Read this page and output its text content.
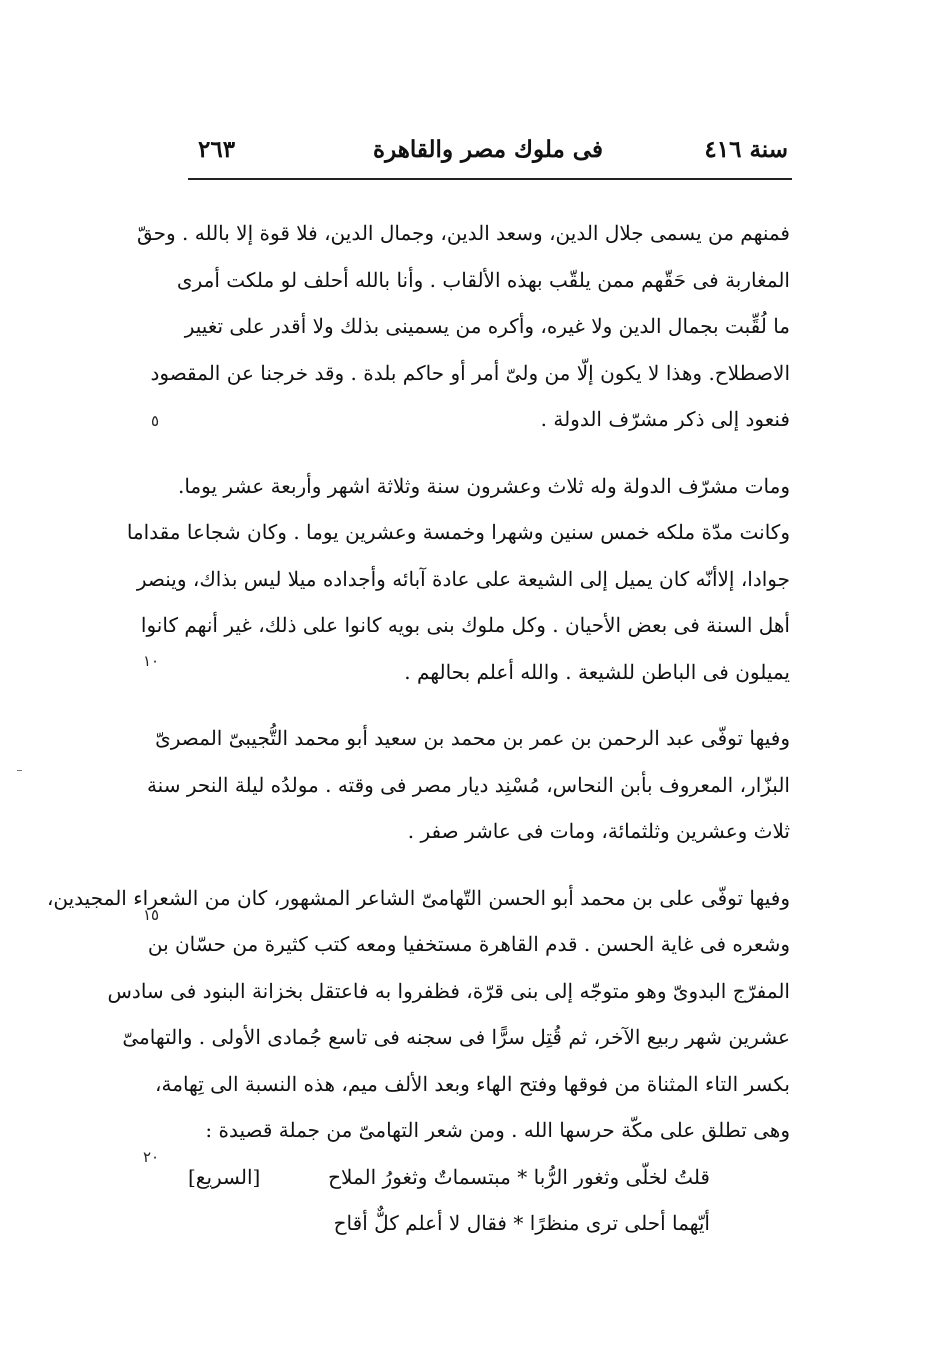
سنة ٤١٦
فى ملوك مصر والقاهرة
٢٦٣
٥
١٠
١٥
٢٠
فمنهم من يسمى جلال الدين، وسعد الدين، وجمال الدين، فلا قوة إلا بالله . وحقّ
المغاربة فى حَقّهم ممن يلقّب بهذه الألقاب . وأنا بالله أحلف لو ملكت أمرى
ما لُقِّبت بجمال الدين ولا غيره، وأكره من يسمينى بذلك ولا أقدر على تغيير
الاصطلاح. وهذا لا يكون إلّا من ولىّ أمر أو حاكم بلدة . وقد خرجنا عن المقصود
فنعود إلى ذكر مشرّف الدولة .
ومات مشرّف الدولة وله ثلاث وعشرون سنة وثلاثة اشهر وأربعة عشر يوما.
وكانت مدّة ملكه خمس سنين وشهرا وخمسة وعشرين يوما . وكان شجاعا مقداما
جوادا، إلاأنّه كان يميل إلى الشيعة على عادة آبائه وأجداده ميلا ليس بذاك، وينصر
أهل السنة فى بعض الأحيان . وكل ملوك بنى بويه كانوا على ذلك، غير أنهم كانوا
يميلون فى الباطن للشيعة . والله أعلم بحالهم .
وفيها توفّى عبد الرحمن بن عمر بن محمد بن سعيد أبو محمد التُّجيبىّ المصرىّ
البزّار، المعروف بأبن النحاس، مُسْنِد ديار مصر فى وقته . مولدُه ليلة النحر سنة
ثلاث وعشرين وثلثمائة، ومات فى عاشر صفر .
وفيها توفّى على بن محمد أبو الحسن التّهامىّ الشاعر المشهور، كان من الشعراء المجيدين،
وشعره فى غاية الحسن . قدم القاهرة مستخفيا ومعه كتب كثيرة من حسّان بن
المفرّج البدوىّ وهو متوجّه إلى بنى قرّة، فظفروا به فاعتقل بخزانة البنود فى سادس
عشرين شهر ربيع الآخر، ثم قُتِل سرًّا فى سجنه فى تاسع جُمادى الأولى . والتهامىّ
بكسر التاء المثناة من فوقها وفتح الهاء وبعد الألف ميم، هذه النسبة الى تِهامة،
وهى تطلق على مكّة حرسها الله . ومن شعر التهامىّ من جملة قصيدة :
[السريع]	قلتُ لخلّى وثغور الرُّبا * مبتسماتٌ وثغورُ الملاح
أيّهما أحلى ترى منظرًا * فقال لا أعلم كلٌّ أقاح
